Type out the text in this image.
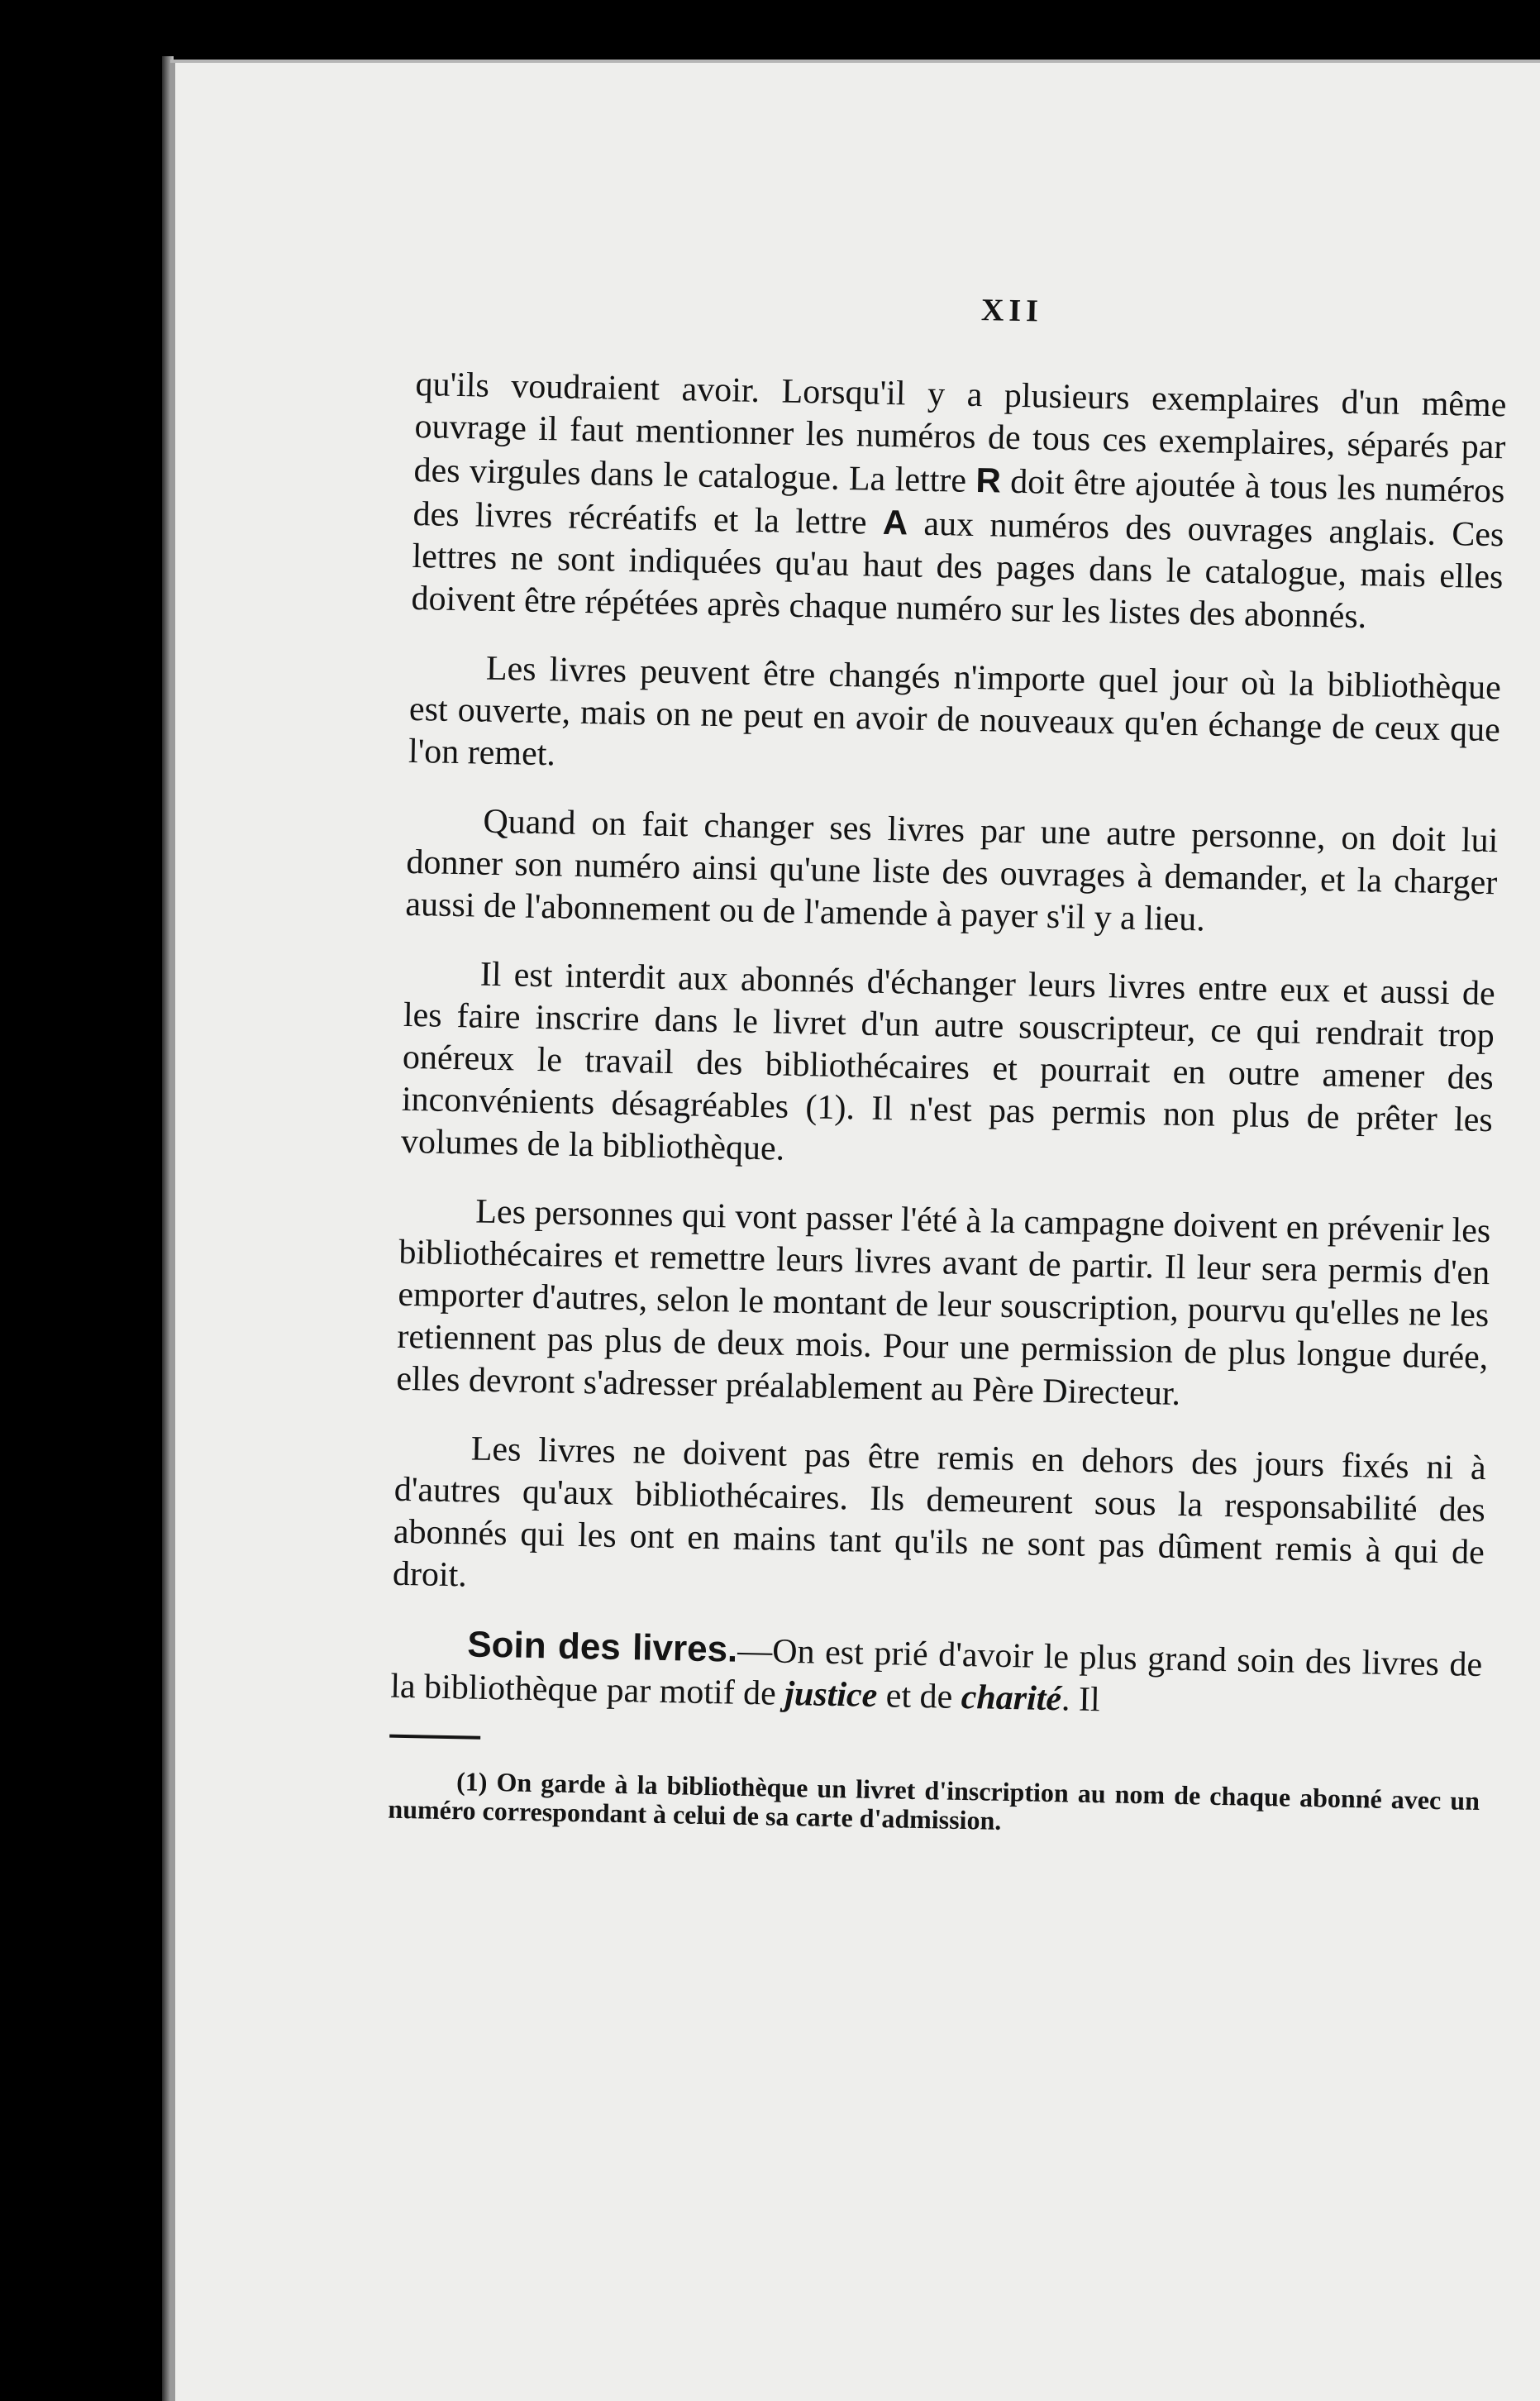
XII

qu'ils voudraient avoir. Lorsqu'il y a plusieurs exemplaires d'un même ouvrage il faut mentionner les numéros de tous ces exemplaires, séparés par des virgules dans le catalogue. La lettre R doit être ajoutée à tous les numéros des livres récréatifs et la lettre A aux numéros des ouvrages anglais. Ces lettres ne sont indiquées qu'au haut des pages dans le catalogue, mais elles doivent être répétées après chaque numéro sur les listes des abonnés.

Les livres peuvent être changés n'importe quel jour où la bibliothèque est ouverte, mais on ne peut en avoir de nouveaux qu'en échange de ceux que l'on remet.

Quand on fait changer ses livres par une autre personne, on doit lui donner son numéro ainsi qu'une liste des ouvrages à demander, et la charger aussi de l'abonnement ou de l'amende à payer s'il y a lieu.

Il est interdit aux abonnés d'échanger leurs livres entre eux et aussi de les faire inscrire dans le livret d'un autre souscripteur, ce qui rendrait trop onéreux le travail des bibliothécaires et pourrait en outre amener des inconvénients désagréables (1). Il n'est pas permis non plus de prêter les volumes de la bibliothèque.

Les personnes qui vont passer l'été à la campagne doivent en prévenir les bibliothécaires et remettre leurs livres avant de partir. Il leur sera permis d'en emporter d'autres, selon le montant de leur souscription, pourvu qu'elles ne les retiennent pas plus de deux mois. Pour une permission de plus longue durée, elles devront s'adresser préalablement au Père Directeur.

Les livres ne doivent pas être remis en dehors des jours fixés ni à d'autres qu'aux bibliothécaires. Ils demeurent sous la responsabilité des abonnés qui les ont en mains tant qu'ils ne sont pas dûment remis à qui de droit.

Soin des livres.—On est prié d'avoir le plus grand soin des livres de la bibliothèque par motif de justice et de charité. Il

(1) On garde à la bibliothèque un livret d'inscription au nom de chaque abonné avec un numéro correspondant à celui de sa carte d'admission.
